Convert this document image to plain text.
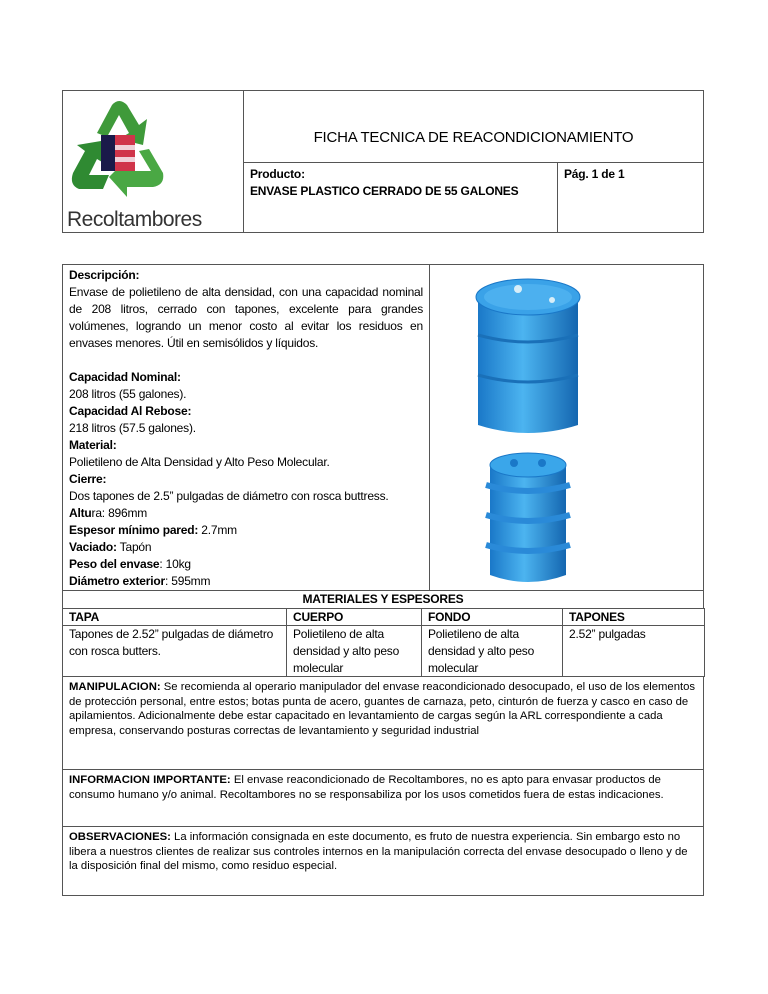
Recoltambores
FICHA TECNICA DE REACONDICIONAMIENTO
Producto:
ENVASE PLASTICO CERRADO DE 55 GALONES
Pág. 1 de 1
Descripción:
Envase de polietileno de alta densidad, con una capacidad nominal de 208 litros, cerrado con tapones, excelente para grandes volúmenes, logrando un menor costo al evitar los residuos en envases menores. Útil en semisólidos y líquidos.
Capacidad Nominal:
208 litros (55 galones).
Capacidad Al Rebose:
218 litros (57.5 galones).
Material:
Polietileno de Alta Densidad y Alto Peso Molecular.
Cierre:
Dos tapones de 2.5” pulgadas de diámetro con rosca buttress.
Altura: 896mm
Espesor mínimo pared: 2.7mm
Vaciado: Tapón
Peso del envase: 10kg
Diámetro exterior: 595mm
MATERIALES Y ESPESORES
TAPA
Tapones de 2.52” pulgadas de diámetro con rosca butters.
CUERPO
Polietileno de alta densidad y alto peso molecular
FONDO
Polietileno de alta densidad y alto peso molecular
TAPONES
2.52” pulgadas
MANIPULACION: Se recomienda al operario manipulador del envase reacondicionado desocupado, el uso de los elementos de protección personal, entre estos; botas punta de acero, guantes de carnaza, peto, cinturón de fuerza y casco en caso de apilamientos. Adicionalmente debe estar capacitado en levantamiento de cargas según la ARL correspondiente a cada empresa, conservando posturas correctas de levantamiento y seguridad industrial
INFORMACION IMPORTANTE: El envase reacondicionado de Recoltambores, no es apto para envasar productos de consumo humano y/o animal. Recoltambores no se responsabiliza por los usos cometidos fuera de estas indicaciones.
OBSERVACIONES: La información consignada en este documento, es fruto de nuestra experiencia. Sin embargo esto no libera a nuestros clientes de realizar sus controles internos en la manipulación correcta del envase desocupado o lleno y de la disposición final del mismo, como residuo especial.
